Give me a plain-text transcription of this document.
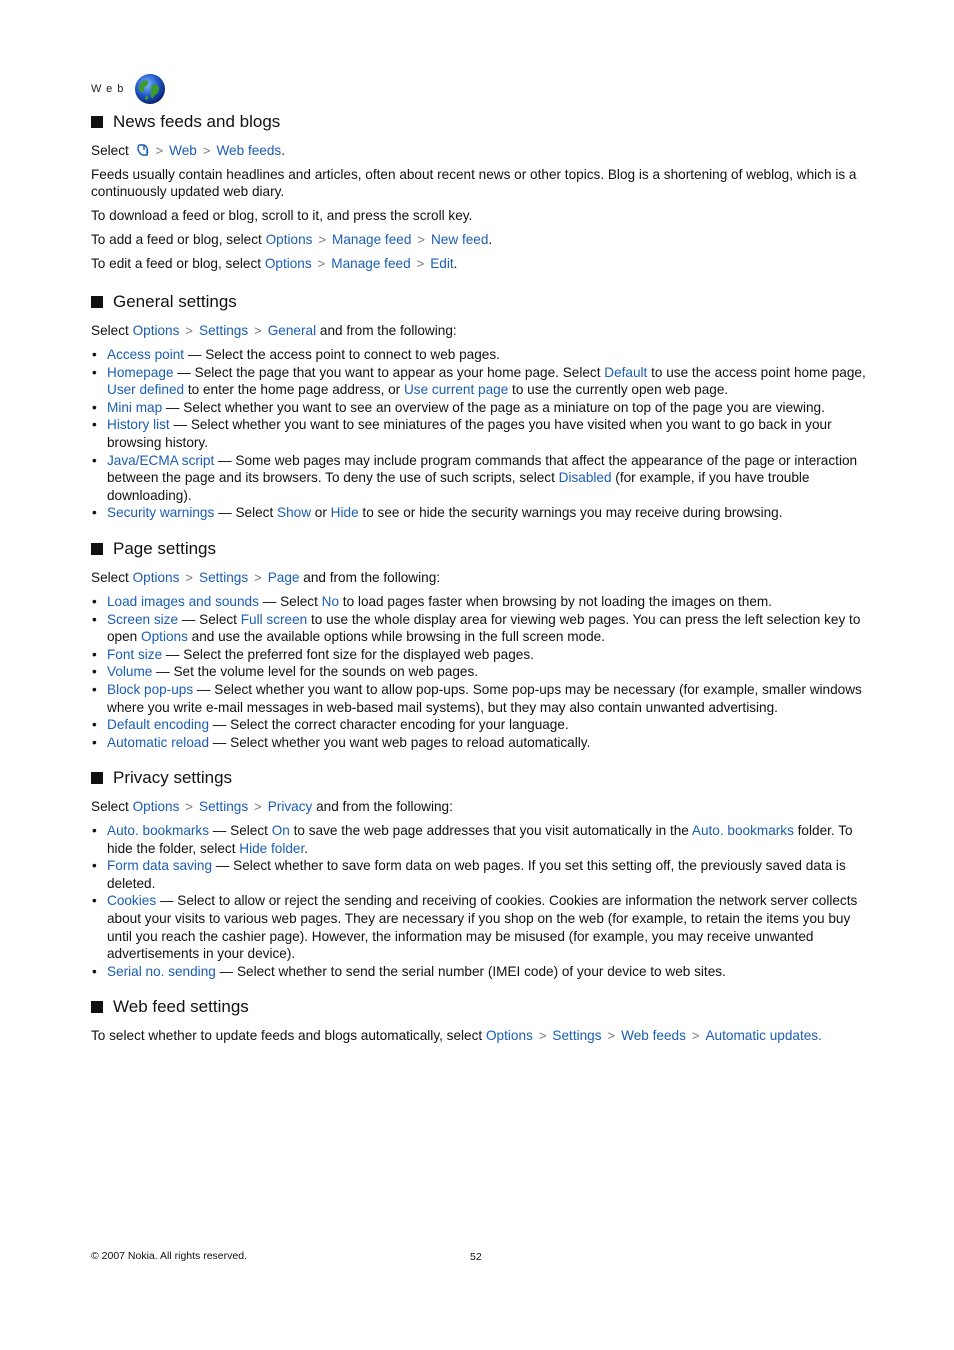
Web
News feeds and blogs

Select > Web > Web feeds.

Feeds usually contain headlines and articles, often about recent news or other topics. Blog is a shortening of weblog, which is a continuously updated web diary.

To download a feed or blog, scroll to it, and press the scroll key.

To add a feed or blog, select Options > Manage feed > New feed.

To edit a feed or blog, select Options > Manage feed > Edit.

General settings

Select Options > Settings > General and from the following:

• Access point — Select the access point to connect to web pages.
• Homepage — Select the page that you want to appear as your home page. Select Default to use the access point home page, User defined to enter the home page address, or Use current page to use the currently open web page.
• Mini map — Select whether you want to see an overview of the page as a miniature on top of the page you are viewing.
• History list — Select whether you want to see miniatures of the pages you have visited when you want to go back in your browsing history.
• Java/ECMA script — Some web pages may include program commands that affect the appearance of the page or interaction between the page and its browsers. To deny the use of such scripts, select Disabled (for example, if you have trouble downloading).
• Security warnings — Select Show or Hide to see or hide the security warnings you may receive during browsing.
Page settings

Select Options > Settings > Page and from the following:

• Load images and sounds — Select No to load pages faster when browsing by not loading the images on them.
• Screen size — Select Full screen to use the whole display area for viewing web pages. You can press the left selection key to open Options and use the available options while browsing in the full screen mode.
• Font size — Select the preferred font size for the displayed web pages.
• Volume — Set the volume level for the sounds on web pages.
• Block pop-ups — Select whether you want to allow pop-ups. Some pop-ups may be necessary (for example, smaller windows where you write e-mail messages in web-based mail systems), but they may also contain unwanted advertising.
• Default encoding — Select the correct character encoding for your language.
• Automatic reload — Select whether you want web pages to reload automatically.
Privacy settings

Select Options > Settings > Privacy and from the following:

• Auto. bookmarks — Select On to save the web page addresses that you visit automatically in the Auto. bookmarks folder. To hide the folder, select Hide folder.
• Form data saving — Select whether to save form data on web pages. If you set this setting off, the previously saved data is deleted.
• Cookies — Select to allow or reject the sending and receiving of cookies. Cookies are information the network server collects about your visits to various web pages. They are necessary if you shop on the web (for example, to retain the items you buy until you reach the cashier page). However, the information may be misused (for example, you may receive unwanted advertisements in your device).
• Serial no. sending — Select whether to send the serial number (IMEI code) of your device to web sites.
Web feed settings

To select whether to update feeds and blogs automatically, select Options > Settings > Web feeds > Automatic updates.

© 2007 Nokia. All rights reserved.	52
